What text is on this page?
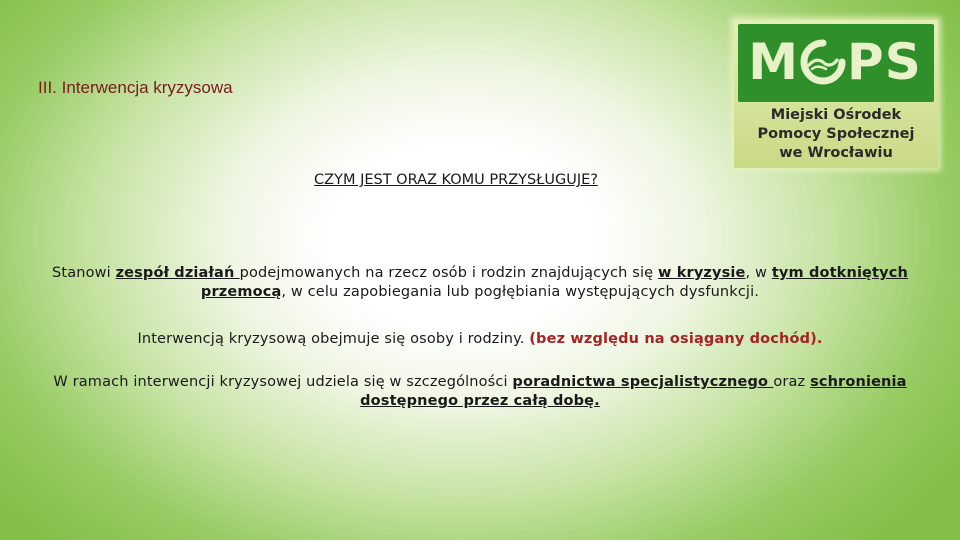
III. Interwencja kryzysowa	M PS
Miejski Ośrodek
Pomocy Społecznej
we Wrocławiu
CZYM JEST ORAZ KOMU PRZYSŁUGUJE?

Stanowi zespół działań podejmowanych na rzecz osób i rodzin znajdujących się w kryzysie, w tym dotkniętych przemocą, w celu zapobiegania lub pogłębiania występujących dysfunkcji.

Interwencją kryzysową obejmuje się osoby i rodziny. (bez względu na osiągany dochód).

W ramach interwencji kryzysowej udziela się w szczególności poradnictwa specjalistycznego oraz schronienia dostępnego przez całą dobę.
